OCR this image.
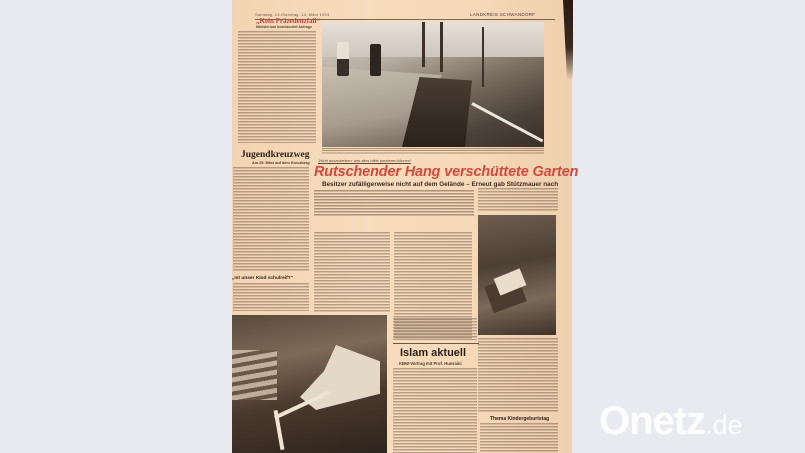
Samstag, 13./Sonntag, 14. März 1993	LANDKREIS SCHWANDORF
„Kein Präzedenzfall“
Ministerium beantwortet Anfrage
Jugendkreuzweg
Am 25. März auf dem Kreuzberg
„Ist unser Kind schulreif?“
„Nicht auszudenken, was alles hätte passieren können“
Rutschender Hang verschüttete Garten
Besitzer zufälligerweise nicht auf dem Gelände – Erneut gab Stützmauer nach
Islam aktuell
KBW-Vortrag mit Prof. Hussaini
Thema Kindergeburtstag Onetz.de
